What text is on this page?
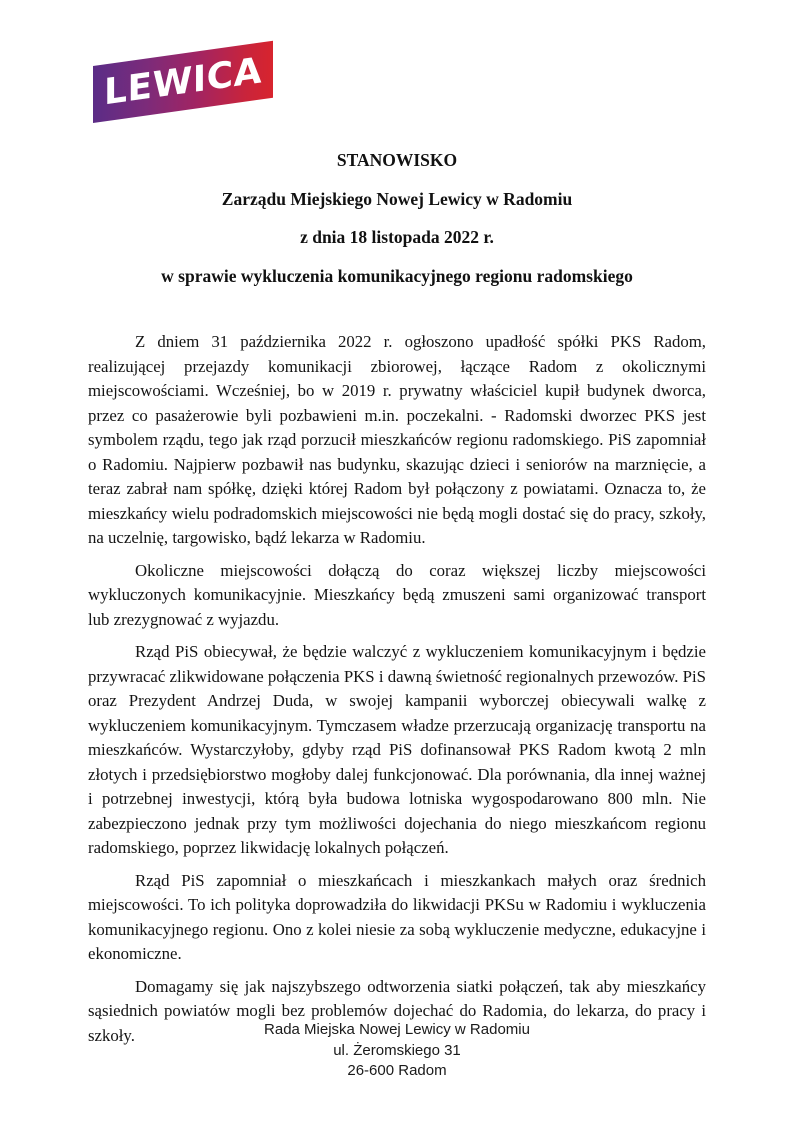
LEWICA
STANOWISKO
Zarządu Miejskiego Nowej Lewicy w Radomiu
z dnia 18 listopada 2022 r.
w sprawie wykluczenia komunikacyjnego regionu radomskiego

Z dniem 31 października 2022 r. ogłoszono upadłość spółki PKS Radom, realizującej przejazdy komunikacji zbiorowej, łączące Radom z okolicznymi miejscowościami. Wcześniej, bo w 2019 r. prywatny właściciel kupił budynek dworca, przez co pasażerowie byli pozbawieni m.in. poczekalni. - Radomski dworzec PKS jest symbolem rządu, tego jak rząd porzucił mieszkańców regionu radomskiego. PiS zapomniał o Radomiu. Najpierw pozbawił nas budynku, skazując dzieci i seniorów na marznięcie, a teraz zabrał nam spółkę, dzięki której Radom był połączony z powiatami. Oznacza to, że mieszkańcy wielu podradomskich miejscowości nie będą mogli dostać się do pracy, szkoły, na uczelnię, targowisko, bądź lekarza w Radomiu.

Okoliczne miejscowości dołączą do coraz większej liczby miejscowości wykluczonych komunikacyjnie. Mieszkańcy będą zmuszeni sami organizować transport lub zrezygnować z wyjazdu.

Rząd PiS obiecywał, że będzie walczyć z wykluczeniem komunikacyjnym i będzie przywracać zlikwidowane połączenia PKS i dawną świetność regionalnych przewozów. PiS oraz Prezydent Andrzej Duda, w swojej kampanii wyborczej obiecywali walkę z wykluczeniem komunikacyjnym. Tymczasem władze przerzucają organizację transportu na mieszkańców. Wystarczyłoby, gdyby rząd PiS dofinansował PKS Radom kwotą 2 mln złotych i przedsiębiorstwo mogłoby dalej funkcjonować. Dla porównania, dla innej ważnej i potrzebnej inwestycji, którą była budowa lotniska wygospodarowano 800 mln. Nie zabezpieczono jednak przy tym możliwości dojechania do niego mieszkańcom regionu radomskiego, poprzez likwidację lokalnych połączeń.

Rząd PiS zapomniał o mieszkańcach i mieszkankach małych oraz średnich miejscowości. To ich polityka doprowadziła do likwidacji PKSu w Radomiu i wykluczenia komunikacyjnego regionu. Ono z kolei niesie za sobą wykluczenie medyczne, edukacyjne i ekonomiczne.

Domagamy się jak najszybszego odtworzenia siatki połączeń, tak aby mieszkańcy sąsiednich powiatów mogli bez problemów dojechać do Radomia, do lekarza, do pracy i szkoły.	Rada Miejska Nowej Lewicy w Radomiu
ul. Żeromskiego 31
26-600 Radom
